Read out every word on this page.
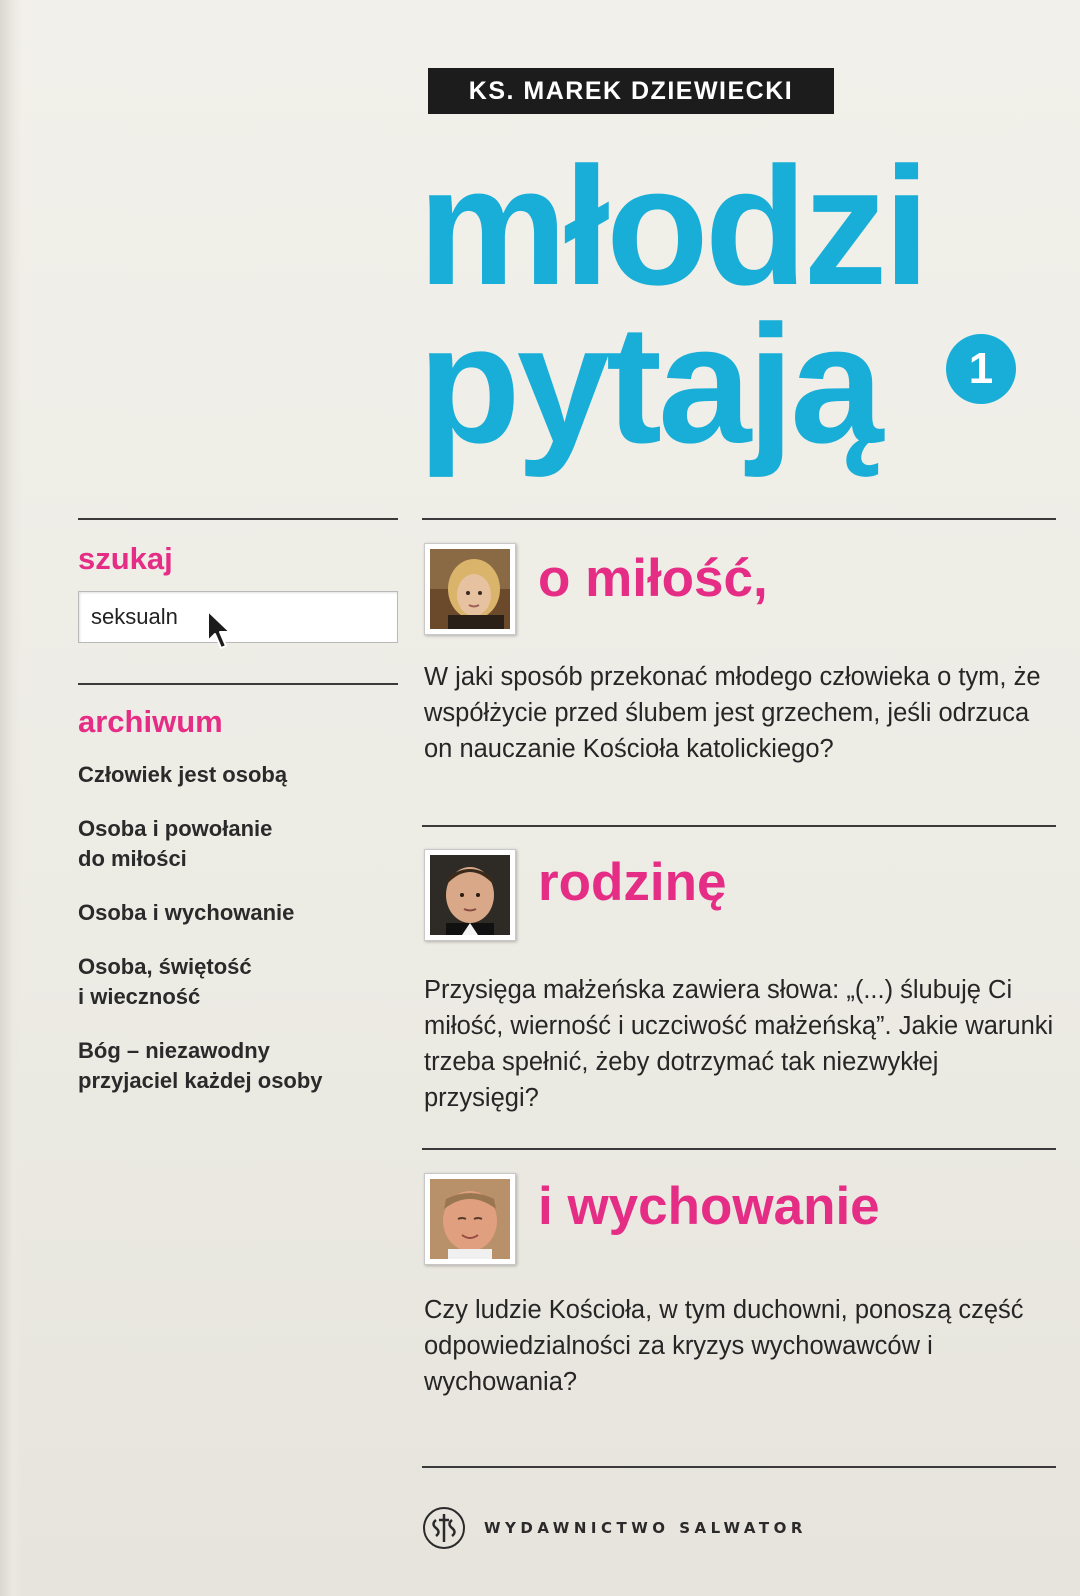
KS. MAREK DZIEWIECKI
młodzi
pytają	1
szukaj
seksualn
archiwum
Człowiek jest osobą
Osoba i powołanie
do miłości
Osoba i wychowanie
Osoba, świętość
i wieczność
Bóg – niezawodny
przyjaciel każdej osoby
o miłość,
W jaki sposób przekonać młodego człowieka o tym, że współżycie przed ślubem jest grzechem, jeśli odrzuca on nauczanie Kościoła katolickiego?
rodzinę
Przysięga małżeńska zawiera słowa: „(...) ślubuję Ci miłość, wierność i uczciwość małżeńską”. Jakie warunki trzeba spełnić, żeby dotrzymać tak niezwykłej przysięgi?
i wychowanie
Czy ludzie Kościoła, w tym duchowni, ponoszą część odpowiedzialności za kryzys wychowawców i wychowania?
WYDAWNICTWO SALWATOR
